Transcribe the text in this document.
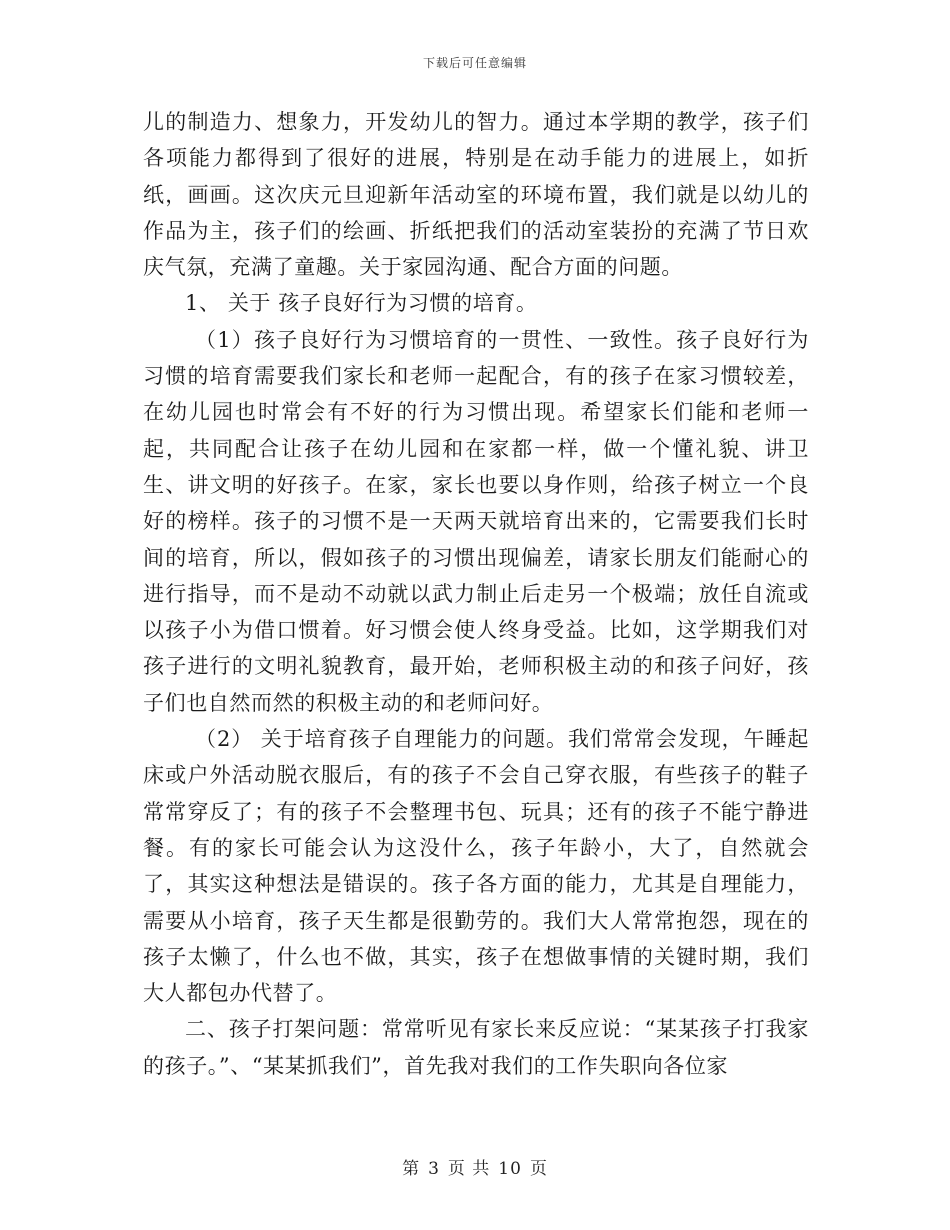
下载后可任意编辑

儿的制造力、想象力，开发幼儿的智力。通过本学期的教学，孩子们各项能力都得到了很好的进展，特别是在动手能力的进展上，如折纸，画画。这次庆元旦迎新年活动室的环境布置，我们就是以幼儿的作品为主，孩子们的绘画、折纸把我们的活动室装扮的充满了节日欢庆气氛，充满了童趣。关于家园沟通、配合方面的问题。

1、 关于 孩子良好行为习惯的培育。

（1）孩子良好行为习惯培育的一贯性、一致性。孩子良好行为习惯的培育需要我们家长和老师一起配合，有的孩子在家习惯较差，在幼儿园也时常会有不好的行为习惯出现。希望家长们能和老师一起，共同配合让孩子在幼儿园和在家都一样，做一个懂礼貌、讲卫生、讲文明的好孩子。在家，家长也要以身作则，给孩子树立一个良好的榜样。孩子的习惯不是一天两天就培育出来的，它需要我们长时间的培育，所以，假如孩子的习惯出现偏差，请家长朋友们能耐心的进行指导，而不是动不动就以武力制止后走另一个极端；放任自流或以孩子小为借口惯着。好习惯会使人终身受益。比如，这学期我们对孩子进行的文明礼貌教育，最开始，老师积极主动的和孩子问好，孩子们也自然而然的积极主动的和老师问好。

（2） 关于培育孩子自理能力的问题。我们常常会发现，午睡起床或户外活动脱衣服后，有的孩子不会自己穿衣服，有些孩子的鞋子常常穿反了；有的孩子不会整理书包、玩具；还有的孩子不能宁静进餐。有的家长可能会认为这没什么，孩子年龄小，大了，自然就会了，其实这种想法是错误的。孩子各方面的能力，尤其是自理能力，需要从小培育，孩子天生都是很勤劳的。我们大人常常抱怨，现在的孩子太懒了，什么也不做，其实，孩子在想做事情的关键时期，我们大人都包办代替了。

二、孩子打架问题：常常听见有家长来反应说：“某某孩子打我家的孩子。”、“某某抓我们”，首先我对我们的工作失职向各位家

第 3 页 共 10 页
